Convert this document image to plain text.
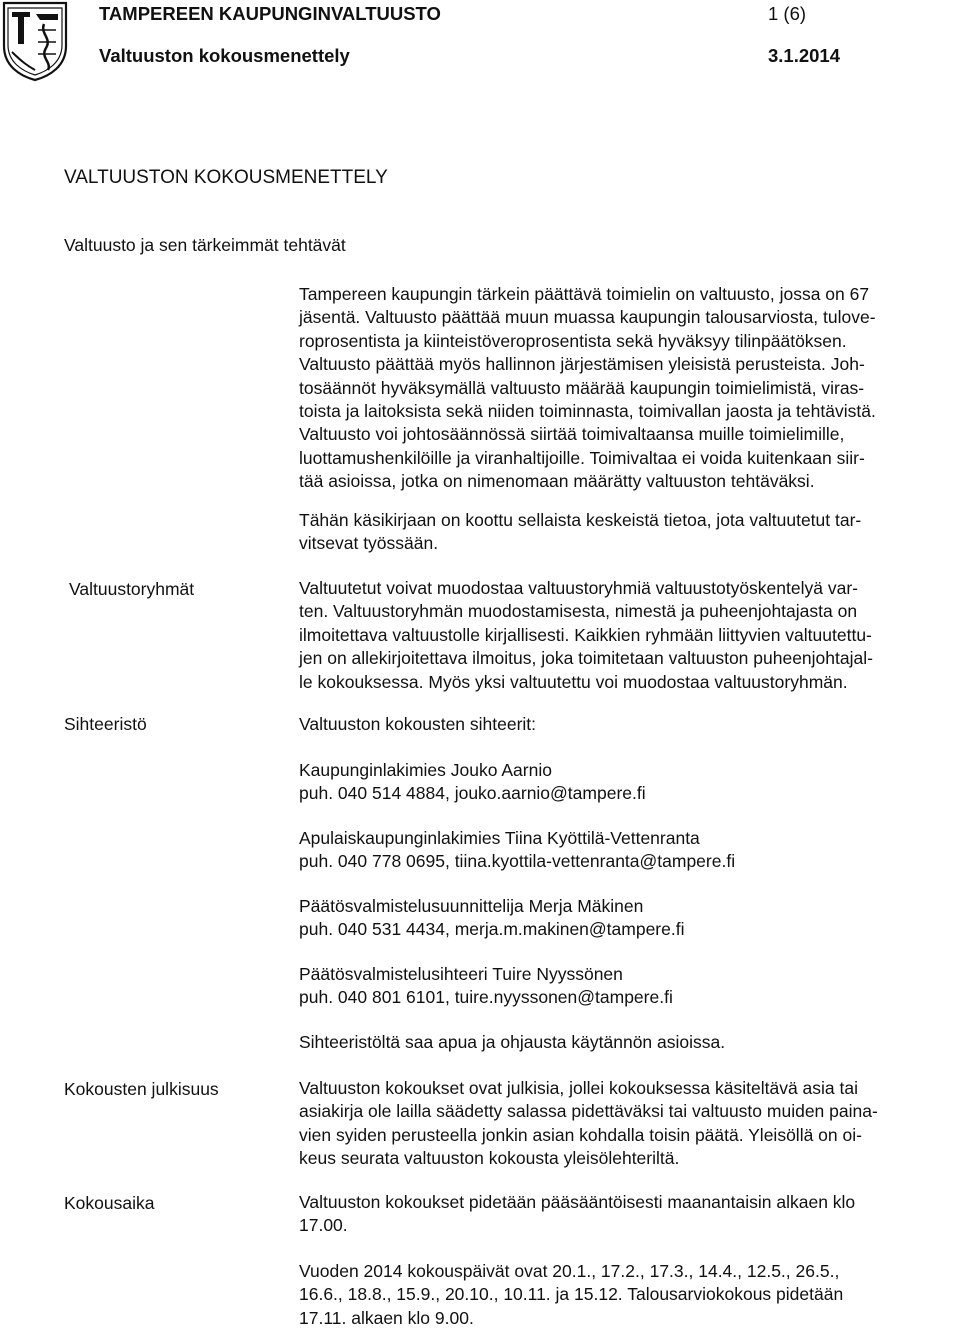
TAMPEREEN KAUPUNGINVALTUUSTO	1 (6)
Valtuuston kokousmenettely	3.1.2014
VALTUUSTON KOKOUSMENETTELY
Valtuusto ja sen tärkeimmät tehtävät
Tampereen kaupungin tärkein päättävä toimielin on valtuusto, jossa on 67
jäsentä. Valtuusto päättää muun muassa kaupungin talousarviosta, tulove-
roprosentista ja kiinteistöveroprosentista sekä hyväksyy tilinpäätöksen.
Valtuusto päättää myös hallinnon järjestämisen yleisistä perusteista. Joh-
tosäännöt hyväksymällä valtuusto määrää kaupungin toimielimistä, viras-
toista ja laitoksista sekä niiden toiminnasta, toimivallan jaosta ja tehtävistä.
Valtuusto voi johtosäännössä siirtää toimivaltaansa muille toimielimille,
luottamushenkilöille ja viranhaltijoille. Toimivaltaa ei voida kuitenkaan siir-
tää asioissa, jotka on nimenomaan määrätty valtuuston tehtäväksi.
Tähän käsikirjaan on koottu sellaista keskeistä tietoa, jota valtuutetut tar-
vitsevat työssään.
Valtuustoryhmät	Valtuutetut voivat muodostaa valtuustoryhmiä valtuustotyöskentelyä var-
ten. Valtuustoryhmän muodostamisesta, nimestä ja puheenjohtajasta on
ilmoitettava valtuustolle kirjallisesti. Kaikkien ryhmään liittyvien valtuutettu-
jen on allekirjoitettava ilmoitus, joka toimitetaan valtuuston puheenjohtajal-
le kokouksessa. Myös yksi valtuutettu voi muodostaa valtuustoryhmän.
Sihteeristö	Valtuuston kokousten sihteerit:
Kaupunginlakimies Jouko Aarnio
puh. 040 514 4884, jouko.aarnio@tampere.fi
Apulaiskaupunginlakimies Tiina Kyöttilä-Vettenranta
puh. 040 778 0695, tiina.kyottila-vettenranta@tampere.fi
Päätösvalmistelusuunnittelija Merja Mäkinen
puh. 040 531 4434, merja.m.makinen@tampere.fi
Päätösvalmistelusihteeri Tuire Nyyssönen
puh. 040 801 6101, tuire.nyyssonen@tampere.fi
Sihteeristöltä saa apua ja ohjausta käytännön asioissa.
Kokousten julkisuus	Valtuuston kokoukset ovat julkisia, jollei kokouksessa käsiteltävä asia tai
asiakirja ole lailla säädetty salassa pidettäväksi tai valtuusto muiden paina-
vien syiden perusteella jonkin asian kohdalla toisin päätä. Yleisöllä on oi-
keus seurata valtuuston kokousta yleisölehteriltä.
Kokousaika	Valtuuston kokoukset pidetään pääsääntöisesti maanantaisin alkaen klo
17.00.
Vuoden 2014 kokouspäivät ovat 20.1., 17.2., 17.3., 14.4., 12.5., 26.5.,
16.6., 18.8., 15.9., 20.10., 10.11. ja 15.12. Talousarviokokous pidetään
17.11. alkaen klo 9.00.
